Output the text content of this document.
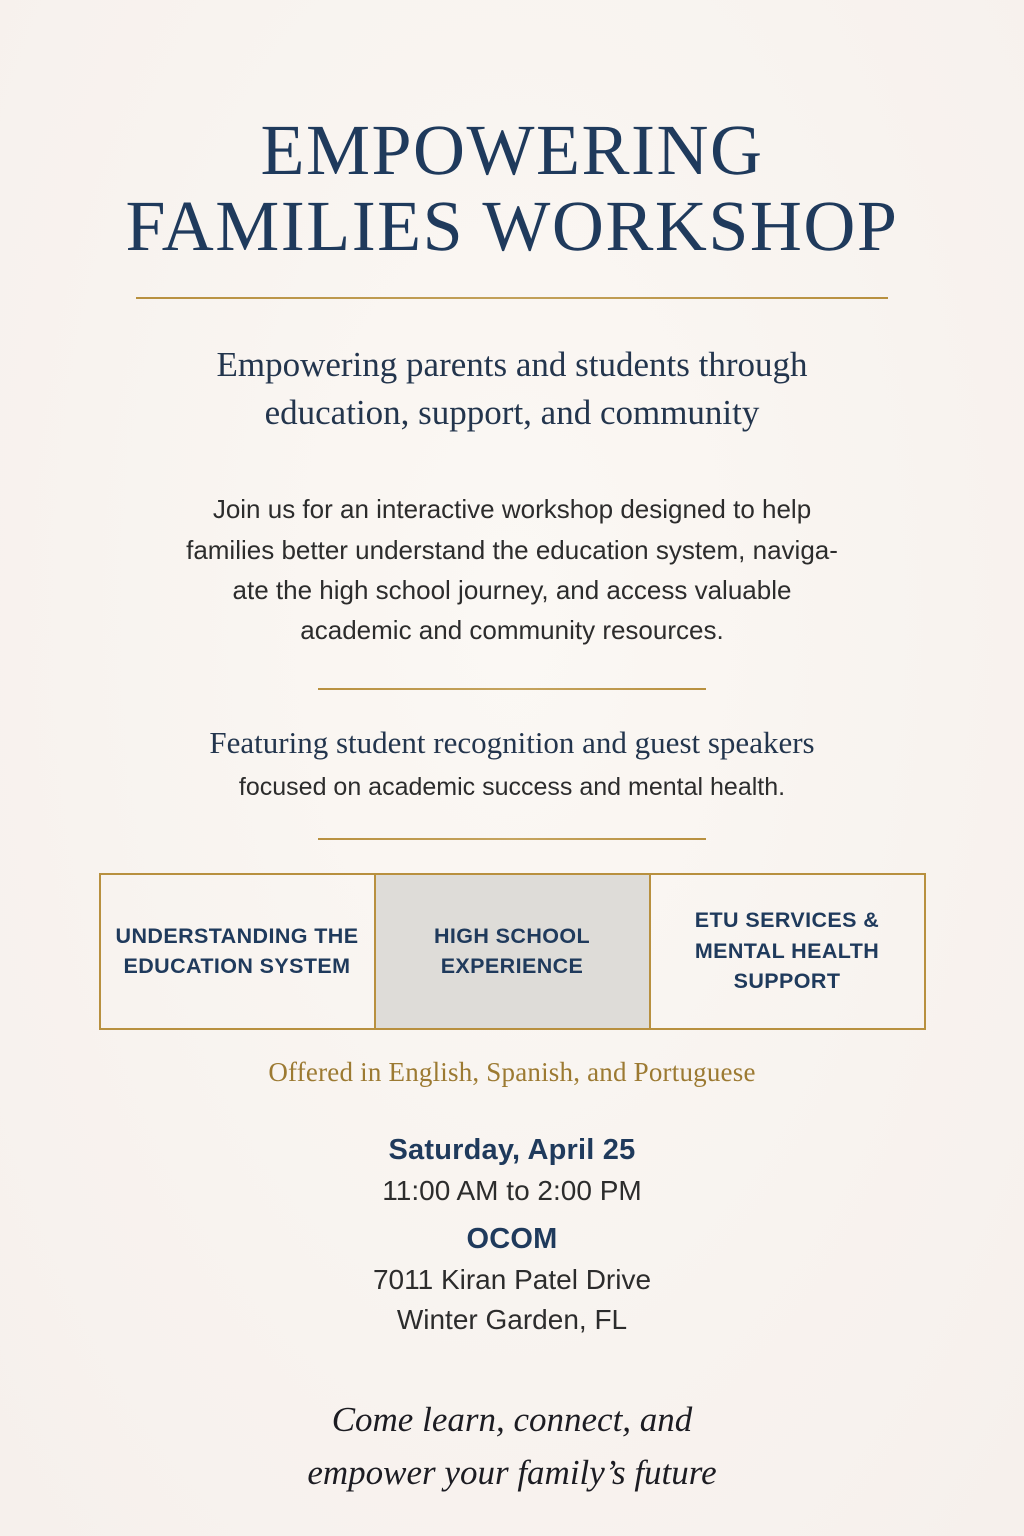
EMPOWERING
FAMILIES WORKSHOP
Empowering parents and students through
education, support, and community
Join us for an interactive workshop designed to help
families better understand the education system, naviga-
ate the high school journey, and access valuable
academic and community resources.
Featuring student recognition and guest speakers
focused on academic success and mental health.
UNDERSTANDING THE EDUCATION SYSTEM
HIGH SCHOOL EXPERIENCE
ETU SERVICES & MENTAL HEALTH SUPPORT
Offered in English, Spanish, and Portuguese
Saturday, April 25
11:00 AM to 2:00 PM
OCOM
7011 Kiran Patel Drive
Winter Garden, FL
Come learn, connect, and
empower your family’s future
